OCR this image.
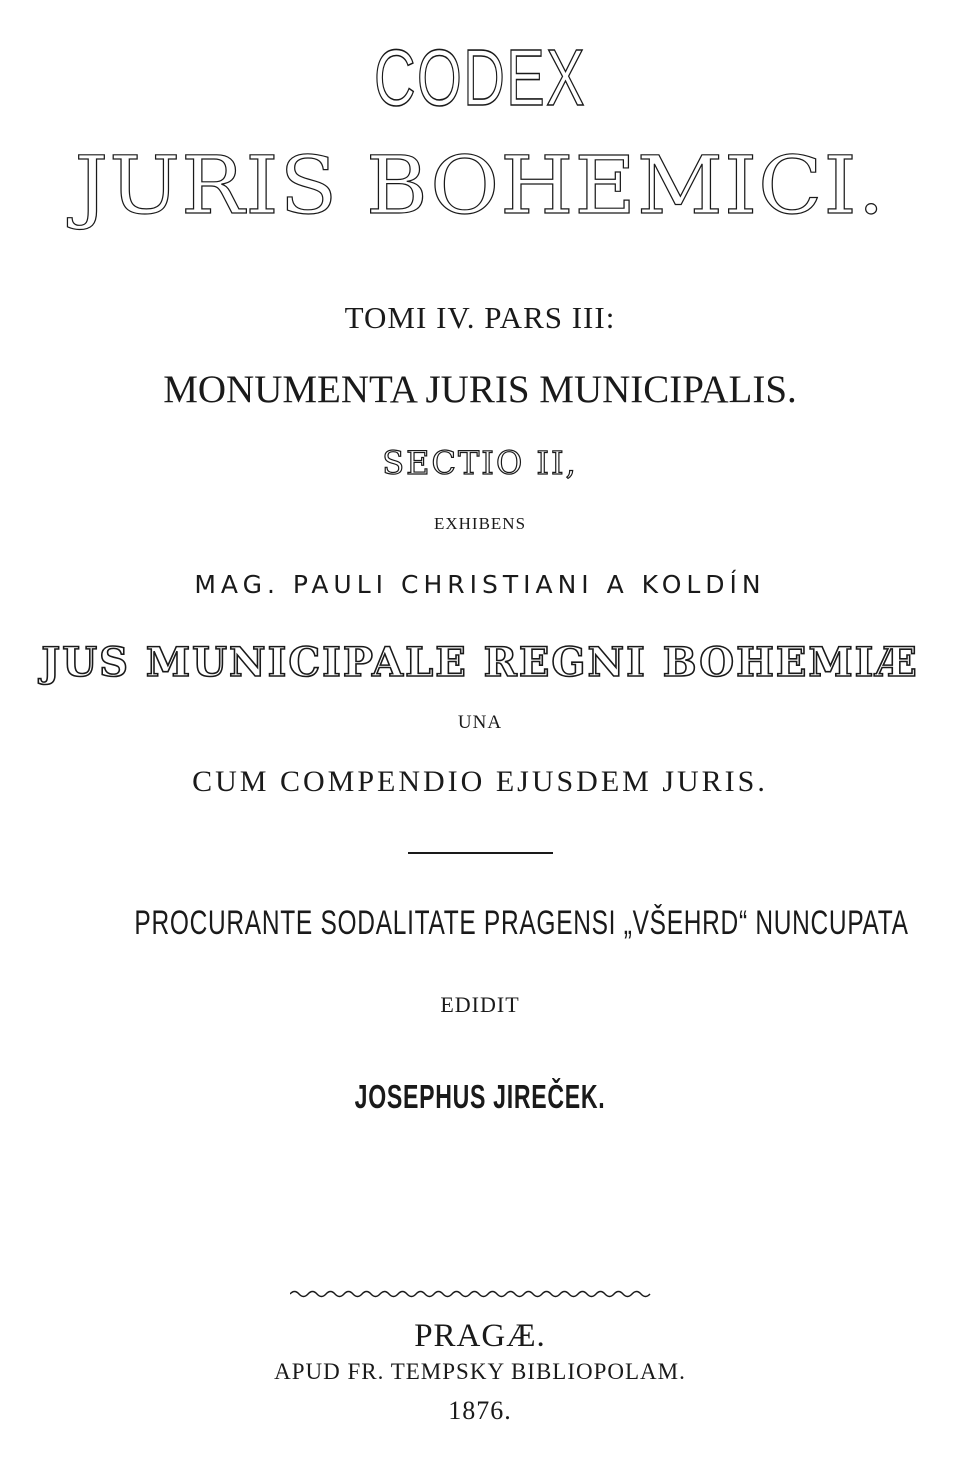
CODEX
JURIS BOHEMICI.
TOMI IV. PARS III:
MONUMENTA JURIS MUNICIPALIS.
SECTIO II,
EXHIBENS
MAG. PAULI CHRISTIANI A KOLDÍN
JUS MUNICIPALE REGNI BOHEMIÆ
UNA
CUM COMPENDIO EJUSDEM JURIS.
PROCURANTE SODALITATE PRAGENSI „VŠEHRD“ NUNCUPATA
EDIDIT
JOSEPHUS JIREČEK.
PRAGÆ.
APUD FR. TEMPSKY BIBLIOPOLAM.
1876.
